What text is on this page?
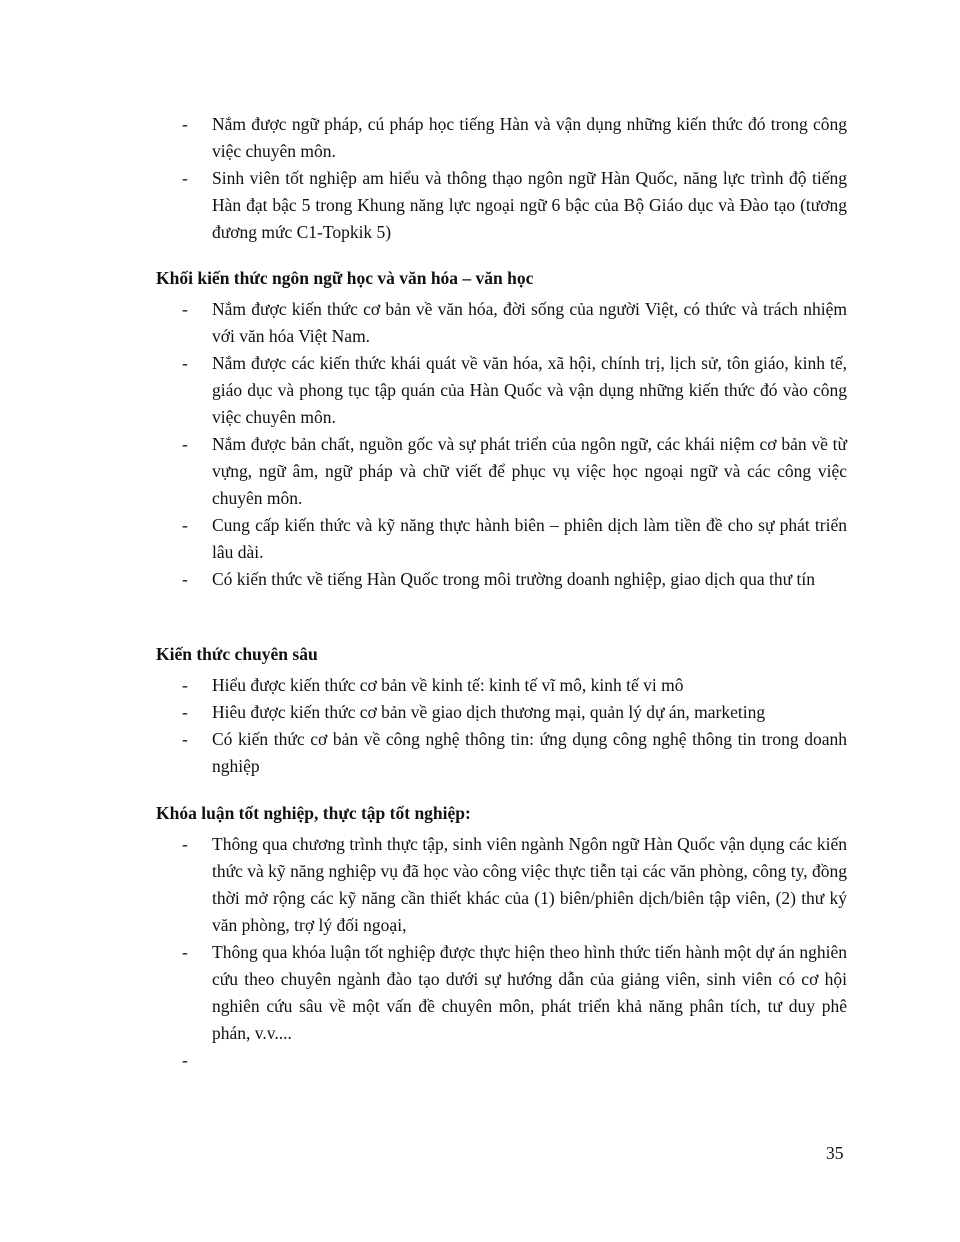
- Nắm được ngữ pháp, cú pháp học tiếng Hàn và vận dụng những kiến thức đó trong công việc chuyên môn.
- Sinh viên tốt nghiệp am hiểu và thông thạo ngôn ngữ Hàn Quốc, năng lực trình độ tiếng Hàn đạt bậc 5 trong Khung năng lực ngoại ngữ 6 bậc của Bộ Giáo dục và Đào tạo (tương đương mức C1-Topkik 5)
Khối kiến thức ngôn ngữ học và văn hóa – văn học
- Nắm được kiến thức cơ bản về văn hóa, đời sống của người Việt, có thức và trách nhiệm với văn hóa Việt Nam.
- Nắm được các kiến thức khái quát về văn hóa, xã hội, chính trị, lịch sử, tôn giáo, kinh tế, giáo dục và phong tục tập quán của Hàn Quốc và vận dụng những kiến thức đó vào công việc chuyên môn.
- Nắm được bản chất, nguồn gốc và sự phát triển của ngôn ngữ, các khái niệm cơ bản về từ vựng, ngữ âm, ngữ pháp và chữ viết để phục vụ việc học ngoại ngữ và các công việc chuyên môn.
- Cung cấp kiến thức và kỹ năng thực hành biên – phiên dịch làm tiền đề cho sự phát triển lâu dài.
- Có kiến thức về tiếng Hàn Quốc trong môi trường doanh nghiệp, giao dịch qua thư tín
Kiến thức chuyên sâu
- Hiểu được kiến thức cơ bản về kinh tế: kinh tế vĩ mô, kinh tế vi mô
- Hiêu được kiến thức cơ bản về giao dịch thương mại, quản lý dự án, marketing
- Có kiến thức cơ bản về công nghệ thông tin: ứng dụng công nghệ thông tin trong doanh nghiệp
Khóa luận tốt nghiệp, thực tập tốt nghiệp:
- Thông qua chương trình thực tập, sinh viên ngành Ngôn ngữ Hàn Quốc vận dụng các kiến thức và kỹ năng nghiệp vụ đã học vào công việc thực tiễn tại các văn phòng, công ty, đồng thời mở rộng các kỹ năng cần thiết khác của (1) biên/phiên dịch/biên tập viên, (2) thư ký văn phòng, trợ lý đối ngoại,
- Thông qua khóa luận tốt nghiệp được thực hiện theo hình thức tiến hành một dự án nghiên cứu theo chuyên ngành đào tạo dưới sự hướng dẫn của giảng viên, sinh viên có cơ hội nghiên cứu sâu về một vấn đề chuyên môn, phát triển khả năng phân tích, tư duy phê phán, v.v....
-
35
